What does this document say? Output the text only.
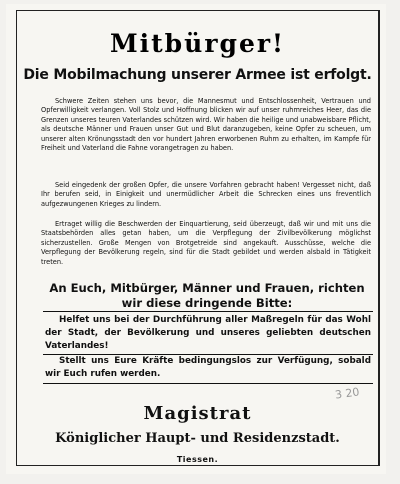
Mitbürger!
Die Mobilmachung unserer Armee ist erfolgt.

Schwere Zeiten stehen uns bevor, die Mannesmut und Entschlossenheit, Vertrauen und Opferwilligkeit verlangen. Voll Stolz und Hoffnung blicken wir auf unser ruhmreiches Heer, das die Grenzen unseres teuren Vaterlandes schützen wird. Wir haben die heilige und unabweisbare Pflicht, als deutsche Männer und Frauen unser Gut und Blut daranzugeben, keine Opfer zu scheuen, um unserer alten Krönungsstadt den vor hundert Jahren erworbenen Ruhm zu erhalten, im Kampfe für Freiheit und Vaterland die Fahne vorangetragen zu haben.

Seid eingedenk der großen Opfer, die unsere Vorfahren gebracht haben! Vergesset nicht, daß Ihr berufen seid, in Einigkeit und unermüdlicher Arbeit die Schrecken eines uns freventlich aufgezwungenen Krieges zu lindern.

Ertraget willig die Beschwerden der Einquartierung, seid überzeugt, daß wir und mit uns die Staatsbehörden alles getan haben, um die Verpflegung der Zivilbevölkerung möglichst sicherzustellen. Große Mengen von Brotgetreide sind angekauft. Ausschüsse, welche die Verpflegung der Bevölkerung regeln, sind für die Stadt gebildet und werden alsbald in Tätigkeit treten.

An Euch, Mitbürger, Männer und Frauen, richten wir diese dringende Bitte:

Helfet uns bei der Durchführung aller Maßregeln für das Wohl der Stadt, der Bevölkerung und unseres geliebten deutschen Vaterlandes!

Stellt uns Eure Kräfte bedingungslos zur Verfügung, sobald wir Euch rufen werden.

3 20
Magistrat
Königlicher Haupt- und Residenzstadt.
Tiessen.
